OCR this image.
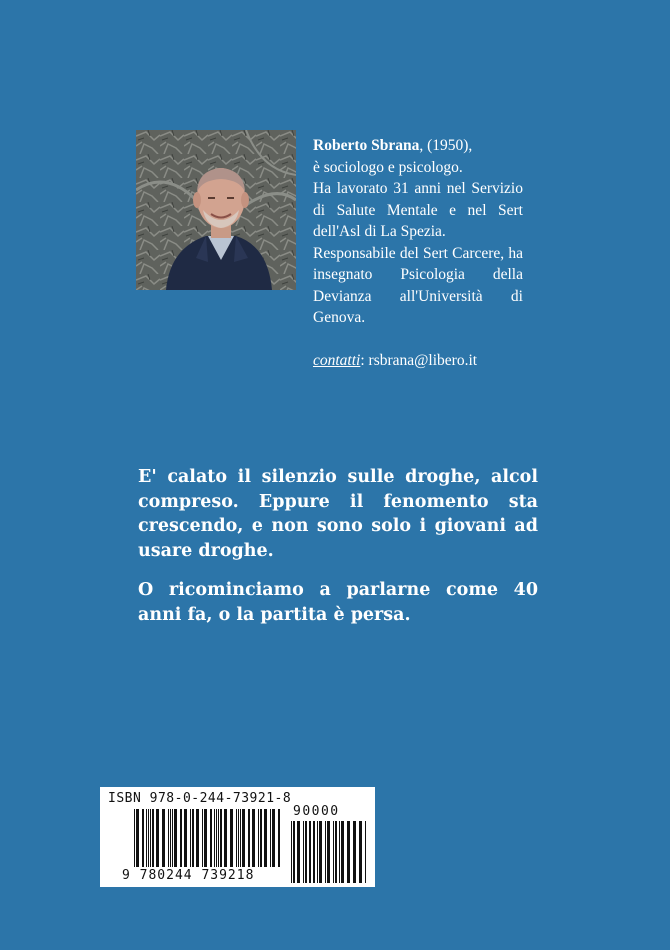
Roberto Sbrana, (1950),

è sociologo e psicologo.

Ha lavorato 31 anni nel Servizio di Salute Mentale e nel Sert dell'Asl di La Spezia.

Responsabile del Sert Carcere, ha insegnato Psicologia della Devianza all'Università di Genova.

contatti: rsbrana@libero.it

E' calato il silenzio sulle droghe, alcol compreso. Eppure il fenomento sta crescendo, e non sono solo i giovani ad usare droghe.

O ricominciamo a parlarne come 40 anni fa, o la partita è persa.

ISBN 978-0-244-73921-8
90000
9 780244 739218
